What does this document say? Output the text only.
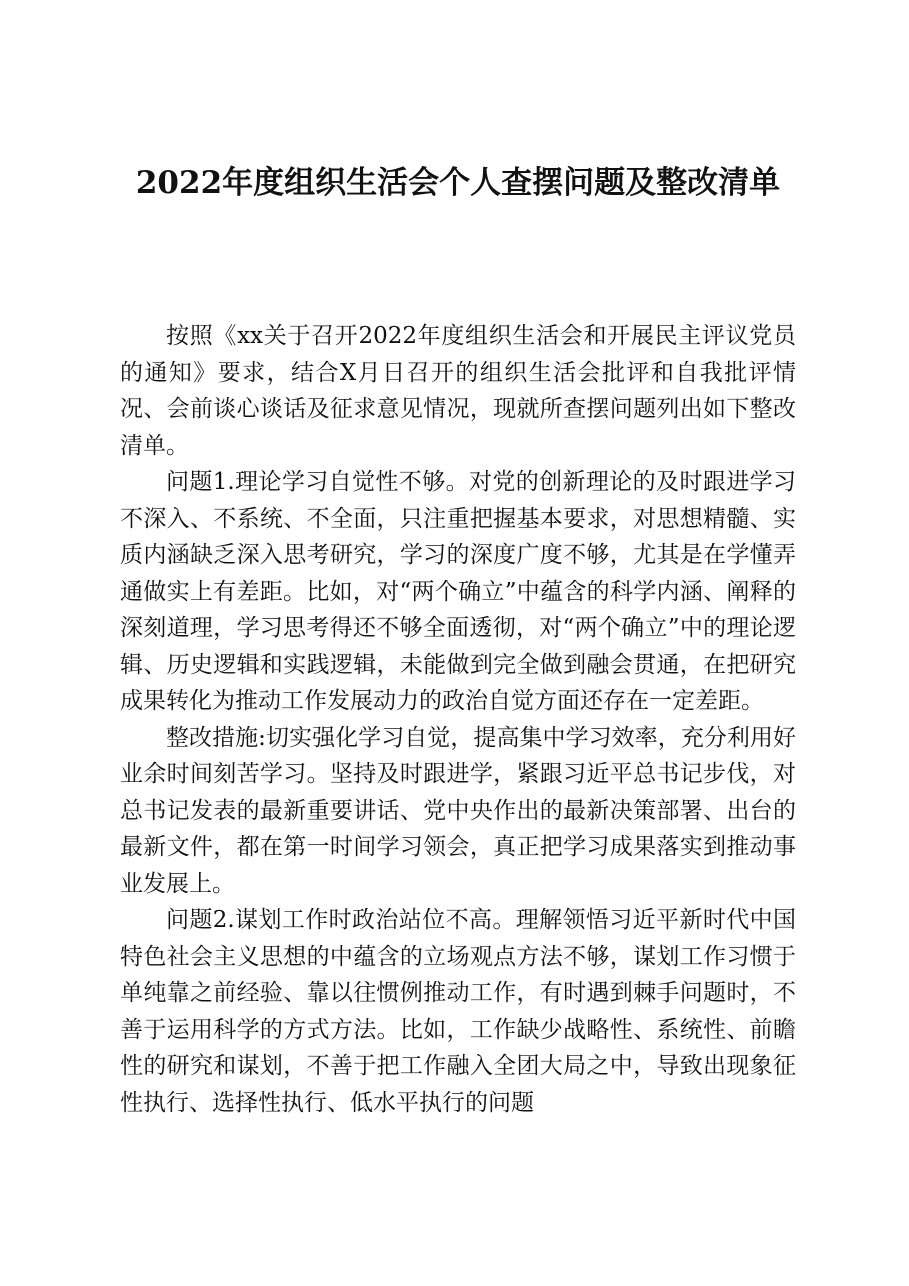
2022年度组织生活会个人查摆问题及整改清单

按照《xx关于召开2022年度组织生活会和开展民主评议党员的通知》要求，结合X月日召开的组织生活会批评和自我批评情况、会前谈心谈话及征求意见情况，现就所查摆问题列出如下整改清单。

问题1.理论学习自觉性不够。对党的创新理论的及时跟进学习不深入、不系统、不全面，只注重把握基本要求，对思想精髓、实质内涵缺乏深入思考研究，学习的深度广度不够，尤其是在学懂弄通做实上有差距。比如，对“两个确立”中蕴含的科学内涵、阐释的深刻道理，学习思考得还不够全面透彻，对“两个确立”中的理论逻辑、历史逻辑和实践逻辑，未能做到完全做到融会贯通，在把研究成果转化为推动工作发展动力的政治自觉方面还存在一定差距。

整改措施:切实强化学习自觉，提高集中学习效率，充分利用好业余时间刻苦学习。坚持及时跟进学，紧跟习近平总书记步伐，对总书记发表的最新重要讲话、党中央作出的最新决策部署、出台的最新文件，都在第一时间学习领会，真正把学习成果落实到推动事业发展上。

问题2.谋划工作时政治站位不高。理解领悟习近平新时代中国特色社会主义思想的中蕴含的立场观点方法不够，谋划工作习惯于单纯靠之前经验、靠以往惯例推动工作，有时遇到棘手问题时，不善于运用科学的方式方法。比如，工作缺少战略性、系统性、前瞻性的研究和谋划，不善于把工作融入全团大局之中，导致出现象征性执行、选择性执行、低水平执行的问题
